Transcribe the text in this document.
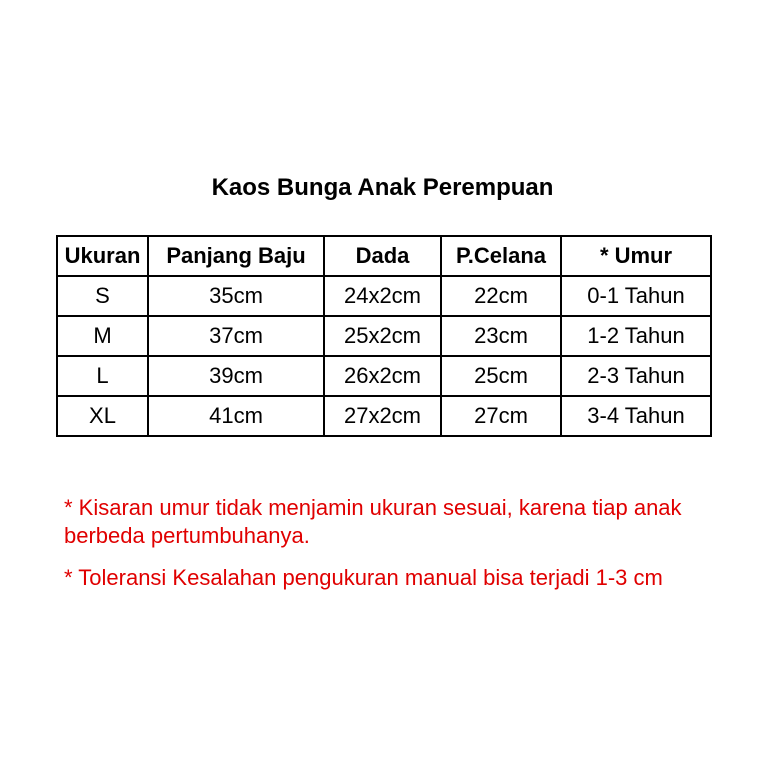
Kaos Bunga Anak Perempuan
Ukuran	Panjang Baju	Dada	P.Celana	* Umur
S	35cm	24x2cm	22cm	0-1 Tahun
M	37cm	25x2cm	23cm	1-2 Tahun
L	39cm	26x2cm	25cm	2-3 Tahun
XL	41cm	27x2cm	27cm	3-4 Tahun
* Kisaran umur tidak menjamin ukuran sesuai, karena tiap anak berbeda pertumbuhanya.
* Toleransi Kesalahan pengukuran manual bisa terjadi 1-3 cm
